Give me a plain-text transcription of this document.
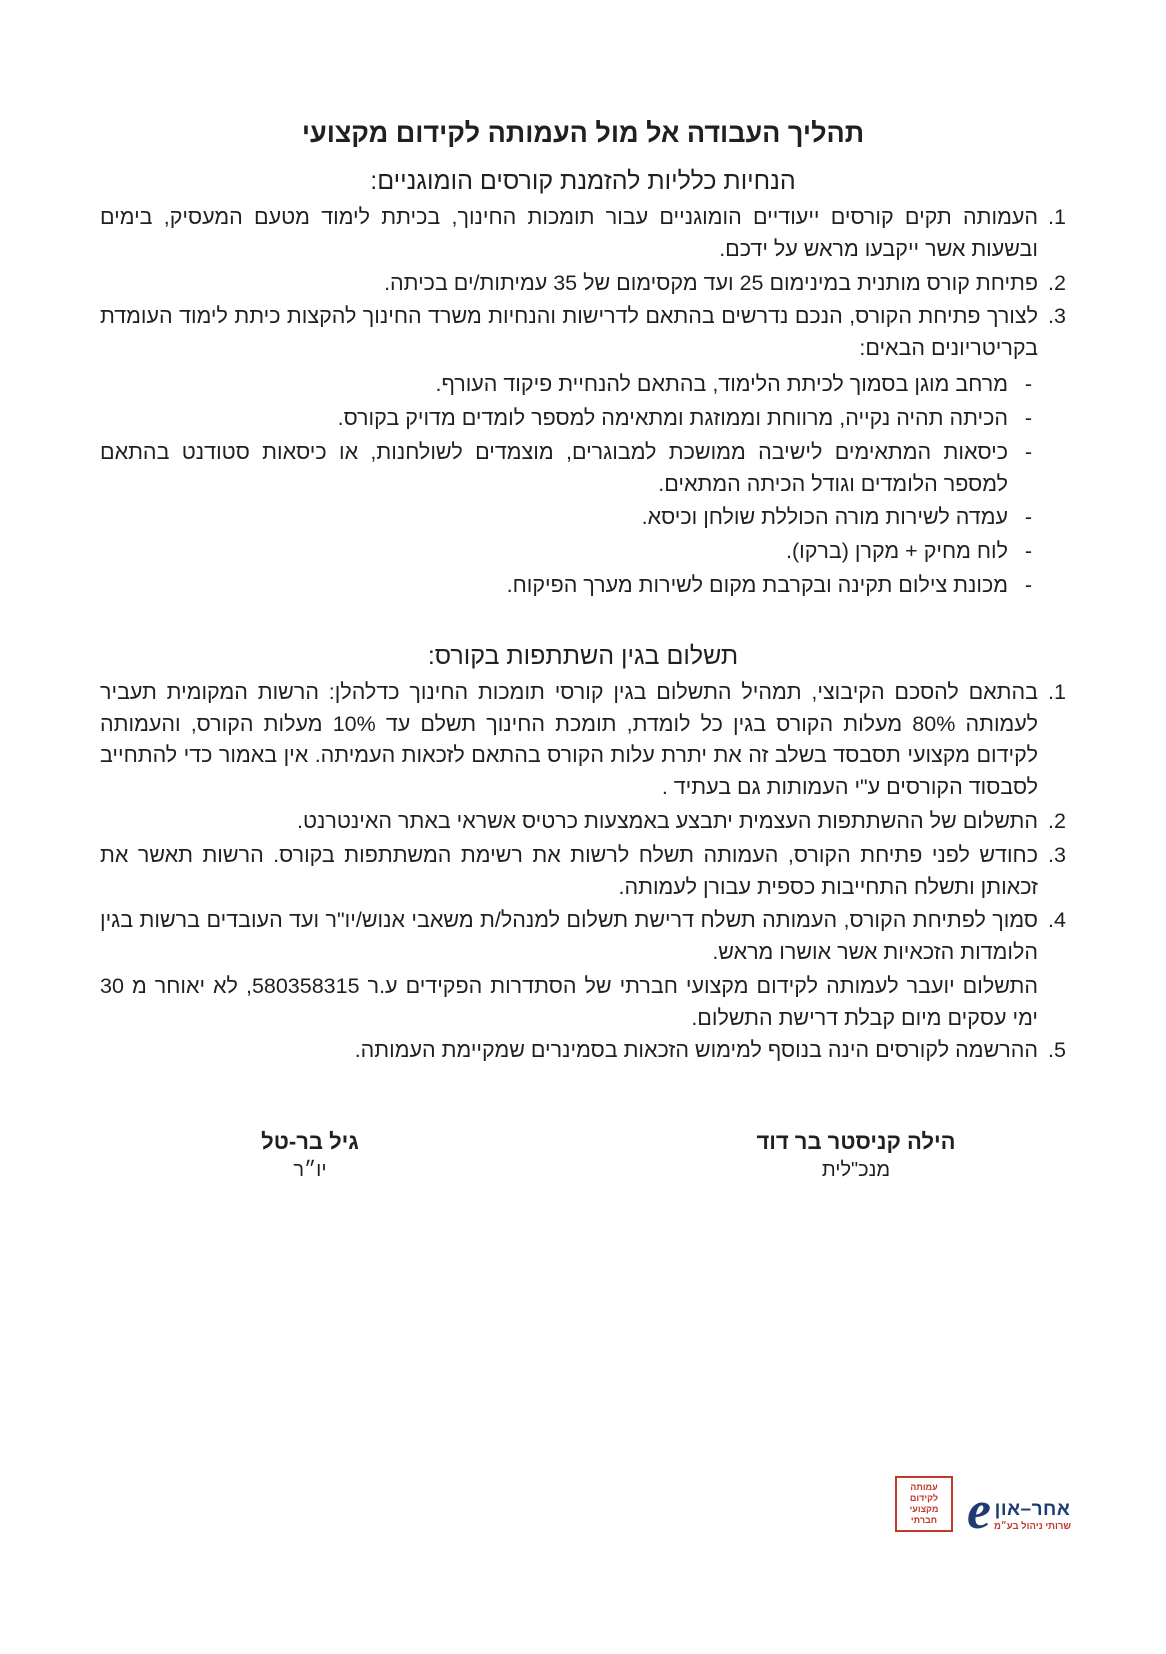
תהליך העבודה אל מול העמותה לקידום מקצועי
הנחיות כלליות להזמנת קורסים הומוגניים:
1.
העמותה תקים קורסים ייעודיים הומוגניים עבור תומכות החינוך, בכיתת לימוד מטעם המעסיק, בימים ובשעות אשר ייקבעו מראש על ידכם.
2.
פתיחת קורס מותנית במינימום 25 ועד מקסימום של 35 עמיתות/ים בכיתה.
3.
לצורך פתיחת הקורס, הנכם נדרשים בהתאם לדרישות והנחיות משרד החינוך להקצות כיתת לימוד העומדת בקריטריונים הבאים:
-
מרחב מוגן בסמוך לכיתת הלימוד, בהתאם להנחיית פיקוד העורף.
-
הכיתה תהיה נקייה, מרווחת וממוזגת ומתאימה למספר לומדים מדויק בקורס.
-
כיסאות המתאימים לישיבה ממושכת למבוגרים, מוצמדים לשולחנות, או כיסאות סטודנט בהתאם למספר הלומדים וגודל הכיתה המתאים.
-
עמדה לשירות מורה הכוללת שולחן וכיסא.
-
לוח מחיק + מקרן (ברקו).
-
מכונת צילום תקינה ובקרבת מקום לשירות מערך הפיקוח.
תשלום בגין השתתפות בקורס:
1.
בהתאם להסכם הקיבוצי, תמהיל התשלום בגין קורסי תומכות החינוך כדלהלן: הרשות המקומית תעביר לעמותה 80% מעלות הקורס בגין כל לומדת, תומכת החינוך תשלם עד 10% מעלות הקורס, והעמותה לקידום מקצועי תסבסד בשלב זה את יתרת עלות הקורס בהתאם לזכאות העמיתה. אין באמור כדי להתחייב לסבסוד הקורסים ע"י העמותות גם בעתיד .
2.
התשלום של ההשתתפות העצמית יתבצע באמצעות כרטיס אשראי באתר האינטרנט.
3.
כחודש לפני פתיחת הקורס, העמותה תשלח לרשות את רשימת המשתתפות בקורס. הרשות תאשר את זכאותן ותשלח התחייבות כספית עבורן לעמותה.
4.
סמוך לפתיחת הקורס, העמותה תשלח דרישת תשלום למנהל/ת משאבי אנוש/יו"ר ועד העובדים ברשות בגין הלומדות הזכאיות אשר אושרו מראש.

התשלום יועבר לעמותה לקידום מקצועי חברתי של הסתדרות הפקידים ע.ר 580358315, לא יאוחר מ 30 ימי עסקים מיום קבלת דרישת התשלום.

5.
ההרשמה לקורסים הינה בנוסף למימוש הזכאות בסמינרים שמקיימת העמותה.
הילה קניסטר בר דוד
מנכ"לית
גיל בר-טל
יו״ר
עמותה
לקידום
מקצועי
חברתי
אחר–און
שרותי ניהול בע״מ
e
